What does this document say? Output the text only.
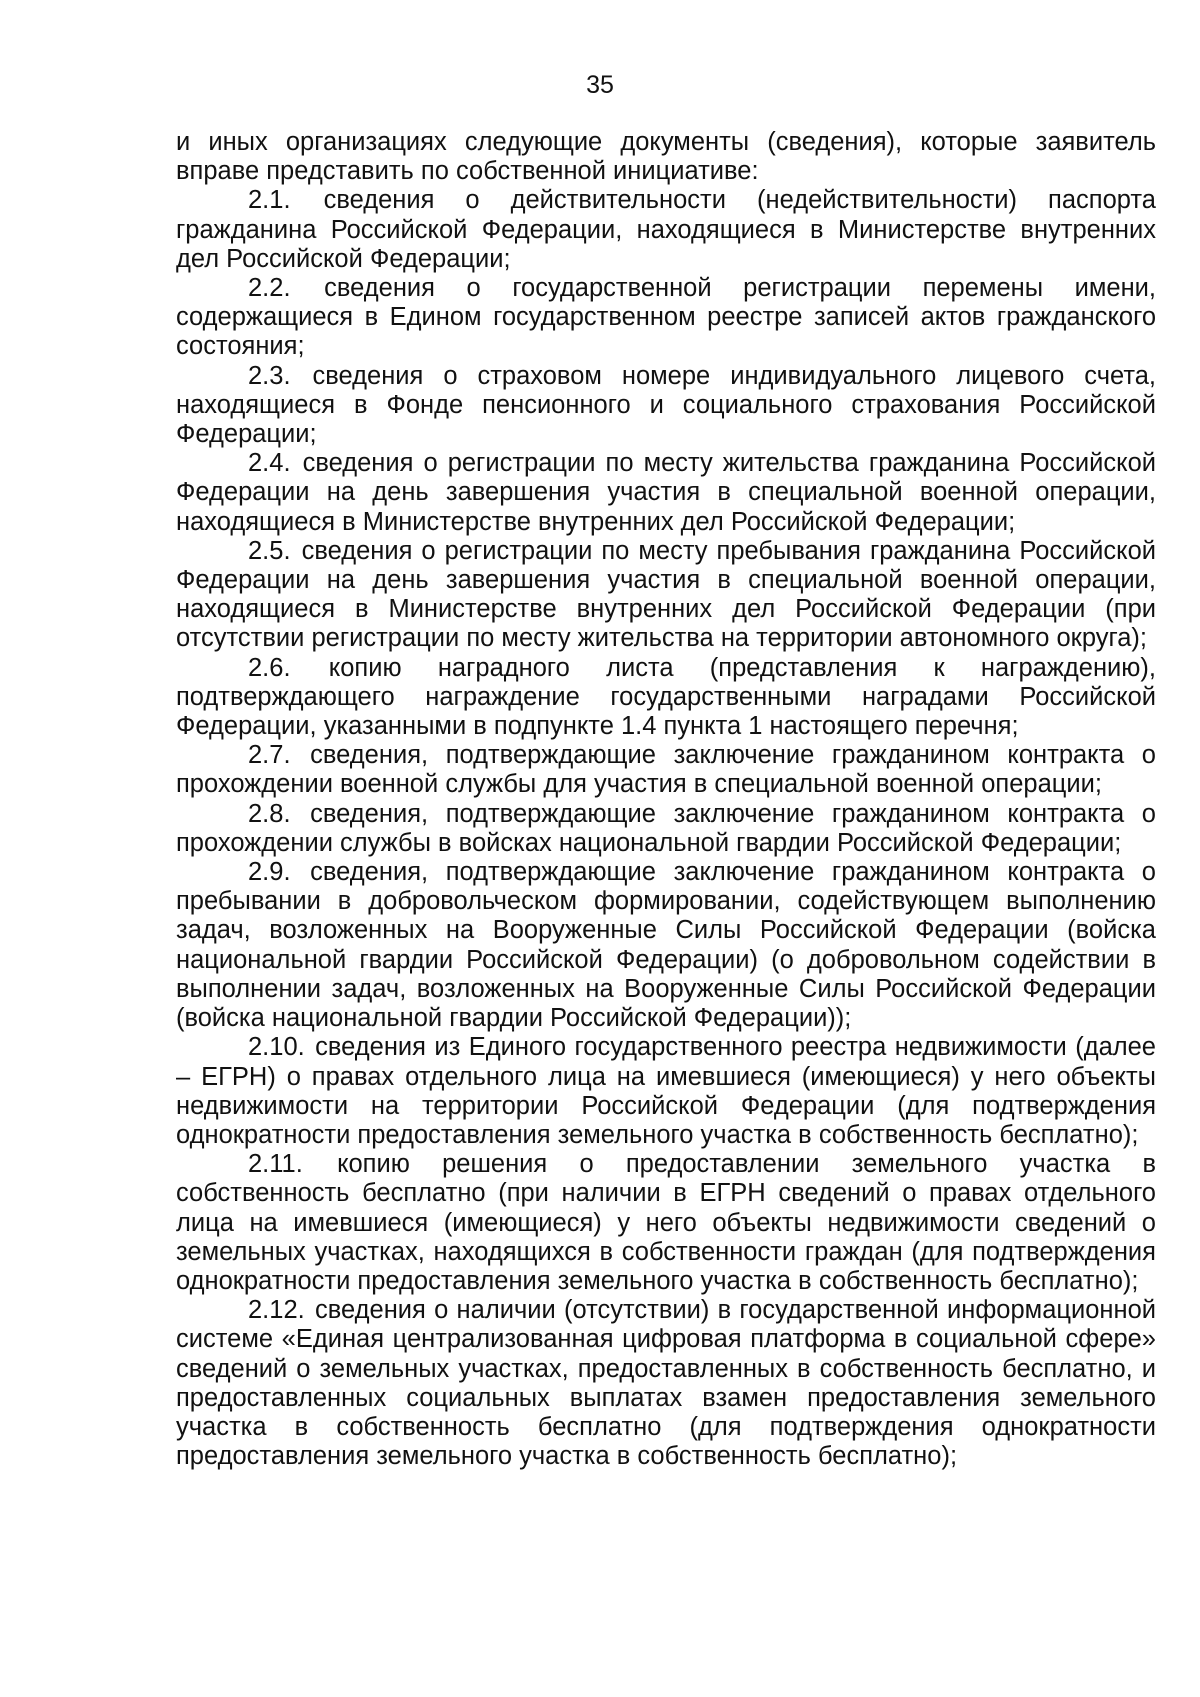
35

и иных организациях следующие документы (сведения), которые заявитель вправе представить по собственной инициативе:

2.1. сведения о действительности (недействительности) паспорта гражданина Российской Федерации, находящиеся в Министерстве внутренних дел Российской Федерации;

2.2. сведения о государственной регистрации перемены имени, содержащиеся в Едином государственном реестре записей актов гражданского состояния;

2.3. сведения о страховом номере индивидуального лицевого счета, находящиеся в Фонде пенсионного и социального страхования Российской Федерации;

2.4. сведения о регистрации по месту жительства гражданина Российской Федерации на день завершения участия в специальной военной операции, находящиеся в Министерстве внутренних дел Российской Федерации;

2.5. сведения о регистрации по месту пребывания гражданина Российской Федерации на день завершения участия в специальной военной операции, находящиеся в Министерстве внутренних дел Российской Федерации (при отсутствии регистрации по месту жительства на территории автономного округа);

2.6. копию наградного листа (представления к награждению), подтверждающего награждение государственными наградами Российской Федерации, указанными в подпункте 1.4 пункта 1 настоящего перечня;

2.7. сведения, подтверждающие заключение гражданином контракта о прохождении военной службы для участия в специальной военной операции;

2.8. сведения, подтверждающие заключение гражданином контракта о прохождении службы в войсках национальной гвардии Российской Федерации;

2.9. сведения, подтверждающие заключение гражданином контракта о пребывании в добровольческом формировании, содействующем выполнению задач, возложенных на Вооруженные Силы Российской Федерации (войска национальной гвардии Российской Федерации) (о добровольном содействии в выполнении задач, возложенных на Вооруженные Силы Российской Федерации (войска национальной гвардии Российской Федерации));

2.10. сведения из Единого государственного реестра недвижимости (далее – ЕГРН) о правах отдельного лица на имевшиеся (имеющиеся) у него объекты недвижимости на территории Российской Федерации (для подтверждения однократности предоставления земельного участка в собственность бесплатно);

2.11. копию решения о предоставлении земельного участка в собственность бесплатно (при наличии в ЕГРН сведений о правах отдельного лица на имевшиеся (имеющиеся) у него объекты недвижимости сведений о земельных участках, находящихся в собственности граждан (для подтверждения однократности предоставления земельного участка в собственность бесплатно);

2.12. сведения о наличии (отсутствии) в государственной информационной системе «Единая централизованная цифровая платформа в социальной сфере» сведений о земельных участках, предоставленных в собственность бесплатно, и предоставленных социальных выплатах взамен предоставления земельного участка в собственность бесплатно (для подтверждения однократности предоставления земельного участка в собственность бесплатно);
